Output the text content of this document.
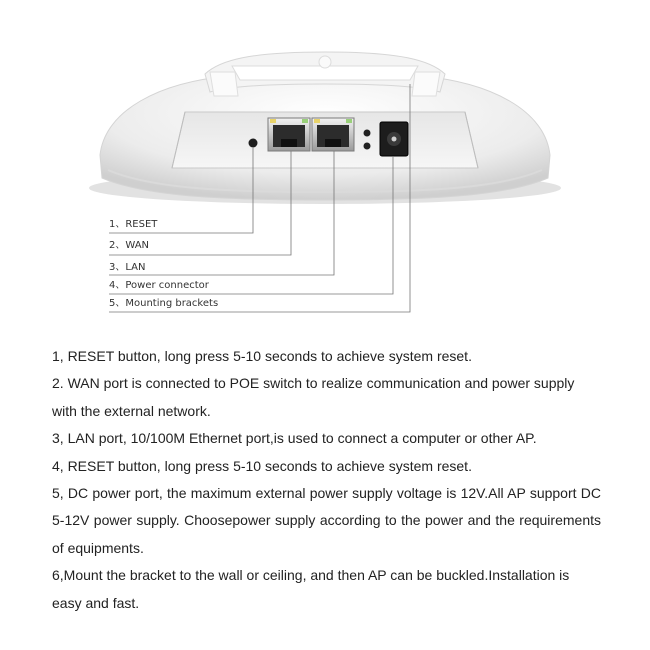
1、RESET
2、WAN
3、LAN
4、Power connector
5、Mounting brackets

1, RESET button, long press 5-10 seconds to achieve system reset.

2. WAN port is connected to POE switch to realize communication and power supply with the external network.

3, LAN port, 10/100M Ethernet port,is used to connect a computer or other AP.

4, RESET button, long press 5-10 seconds to achieve system reset.

5, DC power port, the maximum external power supply voltage is 12V.All AP support DC 5-12V power supply. Choosepower supply according to the power and the requirements of equipments.

6,Mount the bracket to the wall or ceiling, and then AP can be buckled.Installation is easy and fast.
